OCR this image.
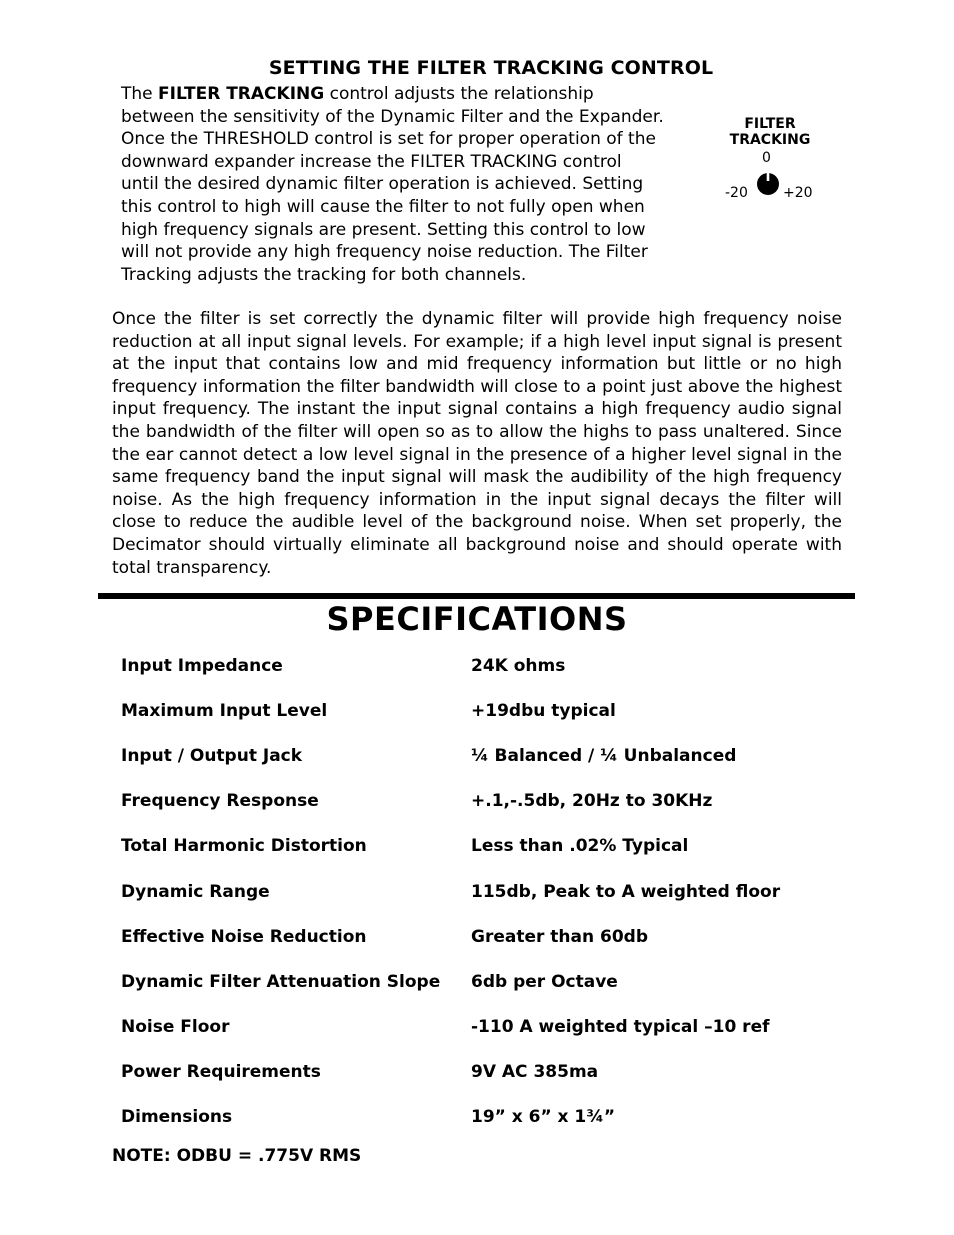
SETTING THE FILTER TRACKING CONTROL
The FILTER TRACKING control adjusts the relationship
between the sensitivity of the Dynamic Filter and the Expander.
Once the THRESHOLD control is set for proper operation of the
downward expander increase the FILTER TRACKING control
until the desired dynamic filter operation is achieved. Setting
this control to high will cause the filter to not fully open when
high frequency signals are present. Setting this control to low
will not provide any high frequency noise reduction. The Filter
Tracking adjusts the tracking for both channels.
FILTER
TRACKING
0
-20	+20

Once the filter is set correctly the dynamic filter will provide high frequency noise reduction at all input signal levels. For example; if a high level input signal is present at the input that contains low and mid frequency information but little or no high frequency information the filter bandwidth will close to a point just above the highest input frequency. The instant the input signal contains a high frequency audio signal the bandwidth of the filter will open so as to allow the highs to pass unaltered. Since the ear cannot detect a low level signal in the presence of a higher level signal in the same frequency band the input signal will mask the audibility of the high frequency noise. As the high frequency information in the input signal decays the filter will close to reduce the audible level of the background noise. When set properly, the Decimator should virtually eliminate all background noise and should operate with total transparency.

SPECIFICATIONS
Input Impedance	24K ohms
Maximum Input Level	+19dbu typical
Input / Output Jack	¼ Balanced / ¼ Unbalanced
Frequency Response	+.1,-.5db, 20Hz to 30KHz
Total Harmonic Distortion	Less than .02% Typical
Dynamic Range	115db, Peak to A weighted floor
Effective Noise Reduction	Greater than 60db
Dynamic Filter Attenuation Slope 6db per Octave
Noise Floor	-110 A weighted typical –10 ref
Power Requirements	9V AC 385ma
Dimensions	19” x 6” x 1¾”
NOTE: ODBU = .775V RMS
